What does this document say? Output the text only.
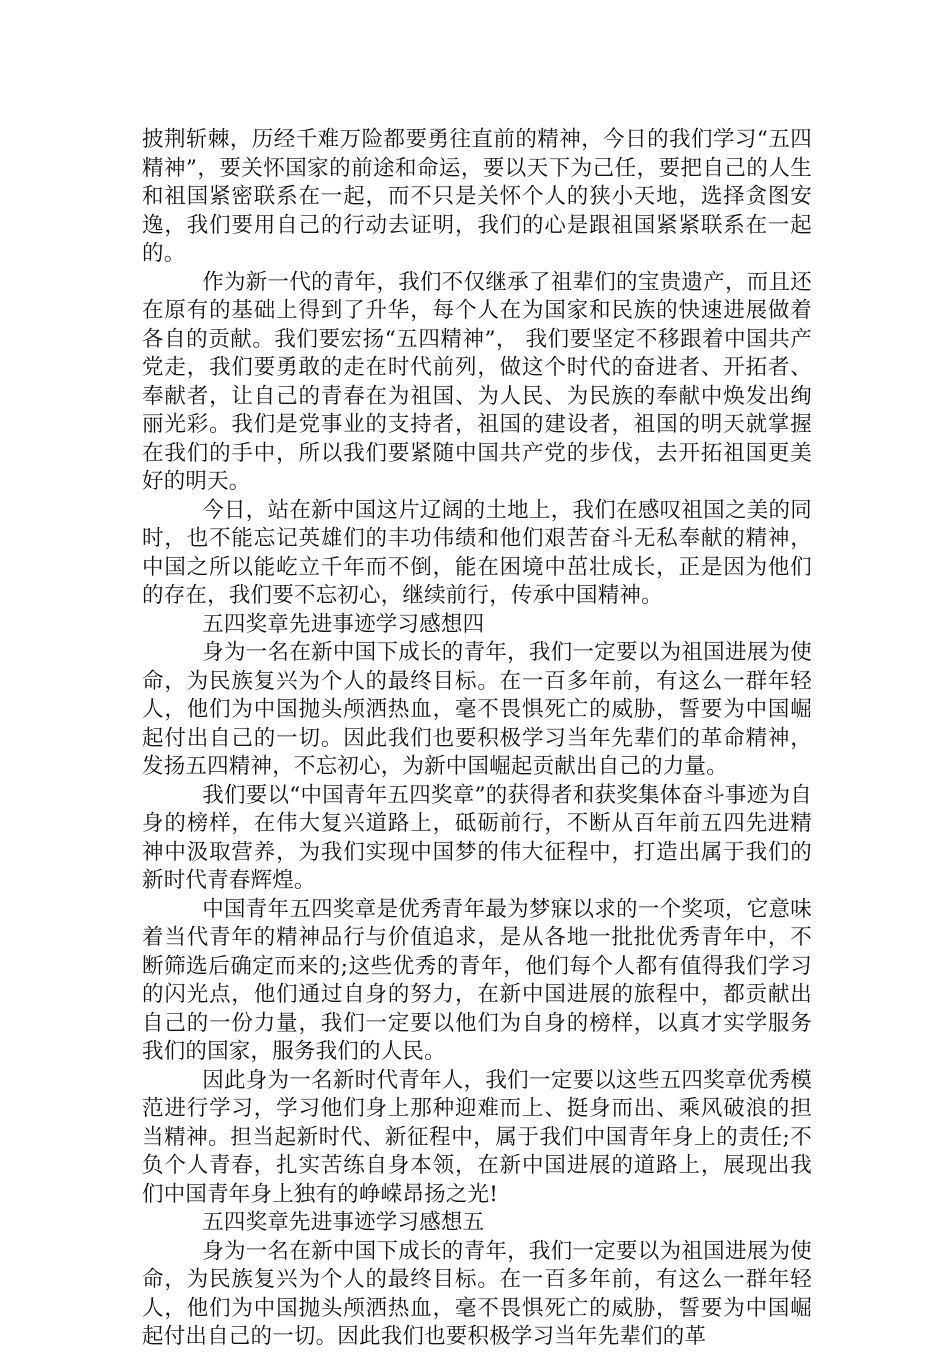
披荆斩棘，历经千难万险都要勇往直前的精神，今日的我们学习“五四精神”，要关怀国家的前途和命运，要以天下为己任，要把自己的人生和祖国紧密联系在一起，而不只是关怀个人的狭小天地，选择贪图安逸，我们要用自己的行动去证明，我们的心是跟祖国紧紧联系在一起的。

作为新一代的青年，我们不仅继承了祖辈们的宝贵遗产，而且还在原有的基础上得到了升华，每个人在为国家和民族的快速进展做着各自的贡献。我们要宏扬“五四精神”， 我们要坚定不移跟着中国共产党走，我们要勇敢的走在时代前列，做这个时代的奋进者、开拓者、奉献者，让自己的青春在为祖国、为人民、为民族的奉献中焕发出绚丽光彩。我们是党事业的支持者，祖国的建设者，祖国的明天就掌握在我们的手中，所以我们要紧随中国共产党的步伐，去开拓祖国更美好的明天。

今日，站在新中国这片辽阔的土地上，我们在感叹祖国之美的同时，也不能忘记英雄们的丰功伟绩和他们艰苦奋斗无私奉献的精神，中国之所以能屹立千年而不倒，能在困境中茁壮成长，正是因为他们的存在，我们要不忘初心，继续前行，传承中国精神。

五四奖章先进事迹学习感想四

身为一名在新中国下成长的青年，我们一定要以为祖国进展为使命，为民族复兴为个人的最终目标。在一百多年前，有这么一群年轻人，他们为中国抛头颅洒热血，毫不畏惧死亡的威胁，誓要为中国崛起付出自己的一切。因此我们也要积极学习当年先辈们的革命精神，发扬五四精神，不忘初心，为新中国崛起贡献出自己的力量。

我们要以“中国青年五四奖章”的获得者和获奖集体奋斗事迹为自身的榜样，在伟大复兴道路上，砥砺前行，不断从百年前五四先进精神中汲取营养，为我们实现中国梦的伟大征程中，打造出属于我们的新时代青春辉煌。

中国青年五四奖章是优秀青年最为梦寐以求的一个奖项，它意味着当代青年的精神品行与价值追求，是从各地一批批优秀青年中，不断筛选后确定而来的;这些优秀的青年，他们每个人都有值得我们学习的闪光点，他们通过自身的努力，在新中国进展的旅程中，都贡献出自己的一份力量，我们一定要以他们为自身的榜样，以真才实学服务我们的国家，服务我们的人民。

因此身为一名新时代青年人，我们一定要以这些五四奖章优秀模范进行学习，学习他们身上那种迎难而上、挺身而出、乘风破浪的担当精神。担当起新时代、新征程中，属于我们中国青年身上的责任;不负个人青春，扎实苦练自身本领，在新中国进展的道路上，展现出我们中国青年身上独有的峥嵘昂扬之光!

五四奖章先进事迹学习感想五

身为一名在新中国下成长的青年，我们一定要以为祖国进展为使命，为民族复兴为个人的最终目标。在一百多年前，有这么一群年轻人，他们为中国抛头颅洒热血，毫不畏惧死亡的威胁，誓要为中国崛起付出自己的一切。因此我们也要积极学习当年先辈们的革
